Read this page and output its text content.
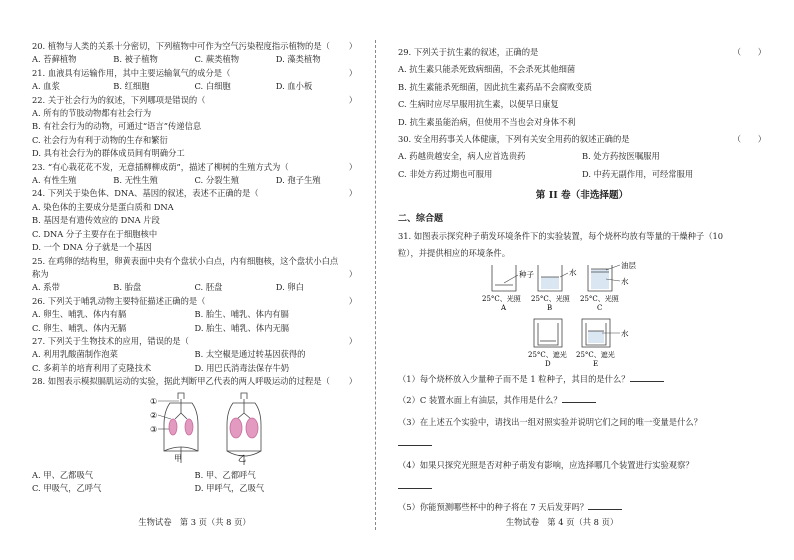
20. 植物与人类的关系十分密切，下列植物中可作为空气污染程度指示植物的是（ ）

A. 苔藓植物	B. 被子植物	C. 蕨类植物	D. 藻类植物

21. 血液具有运输作用，其中主要运输氧气的成分是（	）

A. 血浆	B. 红细胞	C. 白细胞	D. 血小板

22. 关于社会行为的叙述，下列哪项是错误的（	）

A. 所有的节肢动物都有社会行为

B. 有社会行为的动物，可通过“语言”传递信息

C. 社会行为有利于动物的生存和繁衍

D. 具有社会行为的群体成员间有明确分工

23. “有心栽花花不发，无意插柳柳成荫”，描述了柳树的生殖方式为（	）

A. 有性生殖	B. 无性生殖	C. 分裂生殖	D. 孢子生殖

24. 下列关于染色体、DNA、基因的叙述，表述不正确的是（	）

A. 染色体的主要成分是蛋白质和 DNA

B. 基因是有遗传效应的 DNA 片段

C. DNA 分子主要存在于细胞核中

D. 一个 DNA 分子就是一个基因

25. 在鸡卵的结构里，卵黄表面中央有个盘状小白点，内有细胞核，这个盘状小白点

称为	）

A. 系带	B. 胎盘	C. 胚盘	D. 卵白

26. 下列关于哺乳动物主要特征描述正确的是（	）

A. 卵生、哺乳、体内有膈	B. 胎生、哺乳、体内有膈

C. 卵生、哺乳、体内无膈	D. 胎生、哺乳、体内无膈

27. 下列关于生物技术的应用，错误的是（	）

A. 利用乳酸菌制作泡菜	B. 太空椒是通过转基因获得的

C. 多莉羊的培育利用了克隆技术	D. 用巴氏消毒法保存牛奶

28. 如图表示模拟膈肌运动的实验，据此判断甲乙代表的两人呼吸运动的过程是（ ）

①
②
③
甲	乙

A. 甲、乙都吸气	B. 甲、乙都呼气

C. 甲吸气，乙呼气	D. 甲呼气，乙吸气

生物试卷　第 3 页（共 8 页）

29. 下列关于抗生素的叙述，正确的是	（　　）

A. 抗生素只能杀死致病细菌，不会杀死其他细菌

B. 抗生素能杀死细菌，因此抗生素药品不会腐败变质

C. 生病时应尽早服用抗生素，以便早日康复

D. 抗生素虽能治病，但使用不当也会对身体不利

30. 安全用药事关人体健康，下列有关安全用药的叙述正确的是	（　　）

A. 药越贵越安全，病人应首选贵药	B. 处方药按医嘱服用

C. 非处方药过期也可服用	D. 中药无副作用，可经常服用

第 II 卷（非选择题）
二、综合题

31. 如图表示探究种子萌发环境条件下的实验装置，每个烧杯均放有等量的干燥种子（10

粒），并提供相应的环境条件。

种子	水
油层
水
水
25°C、光照 25°C、光照 25°C、光照
A	B	C
25°C、遮光 25°C、遮光
D	E

（1）每个烧杯放入少量种子而不是 1 粒种子，其目的是什么？

（2）C 装置水面上有油层，其作用是什么？

（3）在上述五个实验中，请找出一组对照实验并说明它们之间的唯一变量是什么？

（4）如果只探究光照是否对种子萌发有影响，应选择哪几个装置进行实验观察？

（5）你能预测哪些杯中的种子将在 7 天后发芽吗？

生物试卷　第 4 页（共 8 页）
